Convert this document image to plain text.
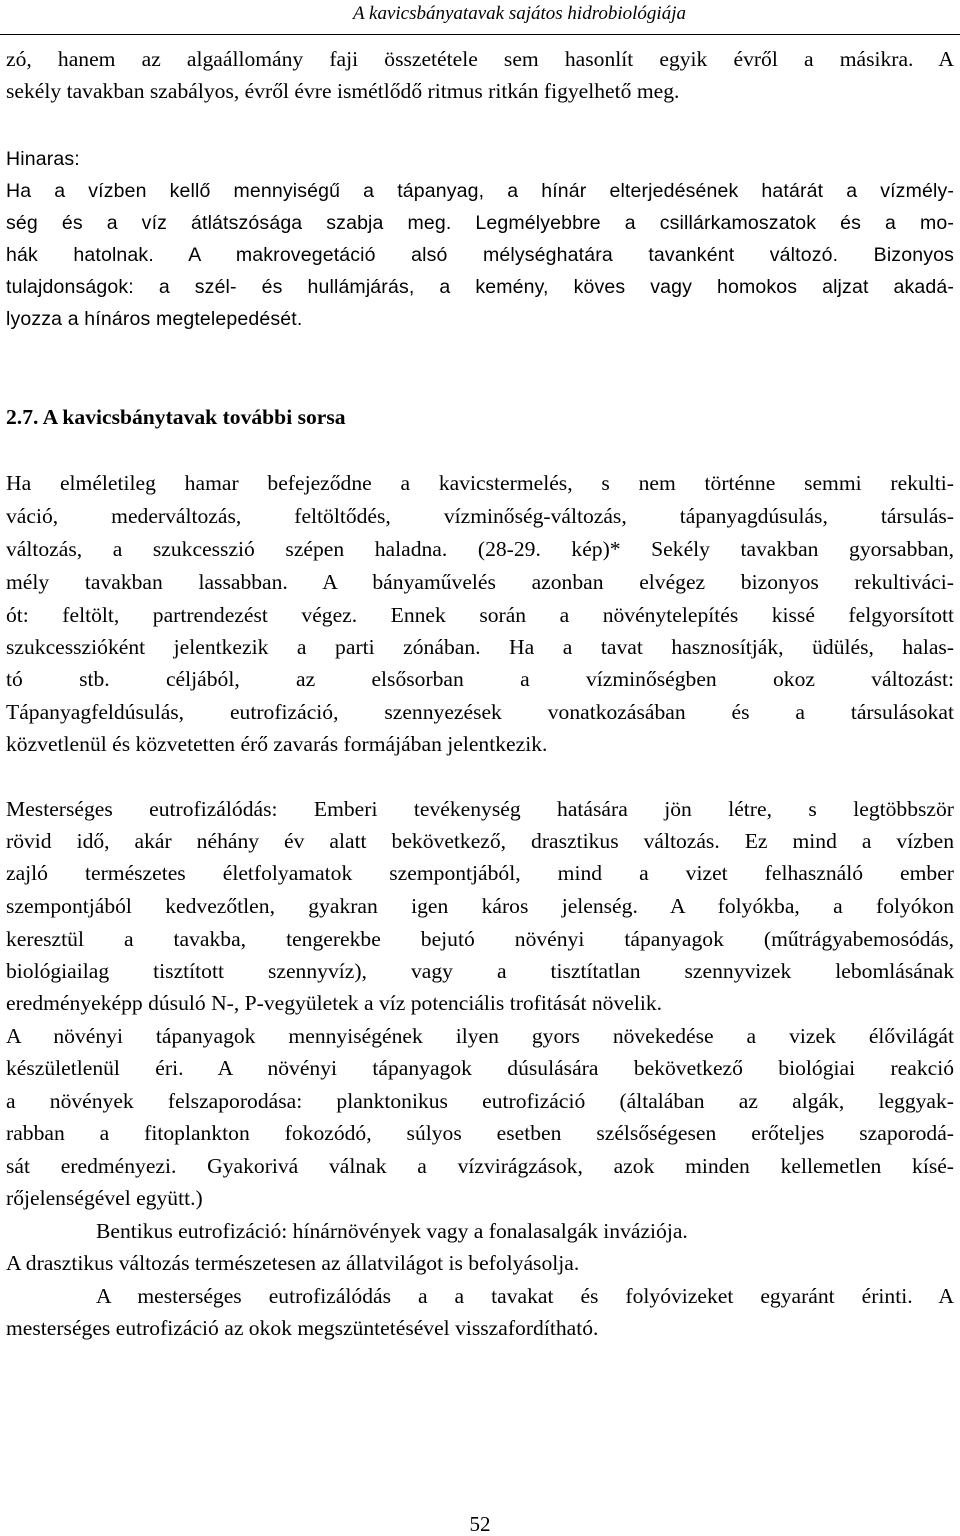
A kavicsbányatavak sajátos hidrobiológiája
zó, hanem az algaállomány faji összetétele sem hasonlít egyik évről a másikra. A
sekély tavakban szabályos, évről évre ismétlődő ritmus ritkán figyelhető meg.
Hinaras:
Ha a vízben kellő mennyiségű a tápanyag, a hínár elterjedésének határát a vízmély-
ség és a víz átlátszósága szabja meg. Legmélyebbre a csillárkamoszatok és a mo-
hák hatolnak. A makrovegetáció alsó mélységhatára tavanként változó. Bizonyos
tulajdonságok: a szél- és hullámjárás, a kemény, köves vagy homokos aljzat akadá-
lyozza a hínáros megtelepedését.
2.7. A kavicsbánytavak további sorsa
Ha elméletileg hamar befejeződne a kavicstermelés, s nem történne semmi rekulti-
váció, mederváltozás, feltöltődés, vízminőség-változás, tápanyagdúsulás, társulás-
változás, a szukcesszió szépen haladna. (28-29. kép)* Sekély tavakban gyorsabban,
mély tavakban lassabban. A bányaművelés azonban elvégez bizonyos rekultiváci-
ót: feltölt, partrendezést végez. Ennek során a növénytelepítés kissé felgyorsított
szukcesszióként jelentkezik a parti zónában. Ha a tavat hasznosítják, üdülés, halas-
tó stb. céljából, az elsősorban a vízminőségben okoz változást:
Tápanyagfeldúsulás, eutrofizáció, szennyezések vonatkozásában és a társulásokat
közvetlenül és közvetetten érő zavarás formájában jelentkezik.
Mesterséges eutrofizálódás: Emberi tevékenység hatására jön létre, s legtöbbször
rövid idő, akár néhány év alatt bekövetkező, drasztikus változás. Ez mind a vízben
zajló természetes életfolyamatok szempontjából, mind a vizet felhasználó ember
szempontjából kedvezőtlen, gyakran igen káros jelenség. A folyókba, a folyókon
keresztül a tavakba, tengerekbe bejutó növényi tápanyagok (műtrágyabemosódás,
biológiailag tisztított szennyvíz), vagy a tisztítatlan szennyvizek lebomlásának
eredményeképp dúsuló N-, P-vegyületek a víz potenciális trofitását növelik.
A növényi tápanyagok mennyiségének ilyen gyors növekedése a vizek élővilágát
készületlenül éri. A növényi tápanyagok dúsulására bekövetkező biológiai reakció
a növények felszaporodása: planktonikus eutrofizáció (általában az algák, leggyak-
rabban a fitoplankton fokozódó, súlyos esetben szélsőségesen erőteljes szaporodá-
sát eredményezi. Gyakorivá válnak a vízvirágzások, azok minden kellemetlen kísé-
rőjelenségével együtt.)
Bentikus eutrofizáció: hínárnövények vagy a fonalasalgák inváziója.
A drasztikus változás természetesen az állatvilágot is befolyásolja.
A mesterséges eutrofizálódás a a tavakat és folyóvizeket egyaránt érinti. A
mesterséges eutrofizáció az okok megszüntetésével visszafordítható.
52
